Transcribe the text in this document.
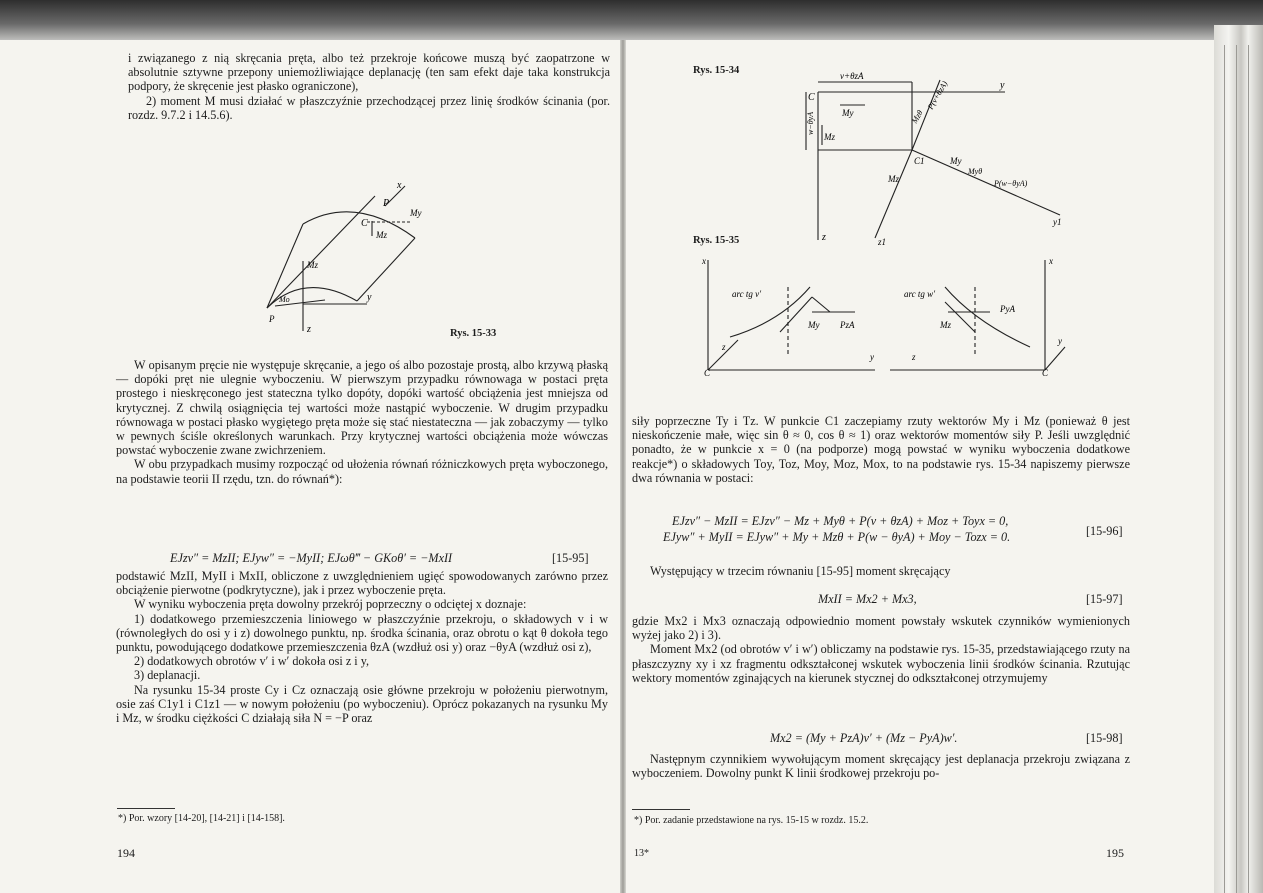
i związanego z nią skręcania pręta, albo też przekroje końcowe muszą być zaopatrzone w absolutnie sztywne przepony uniemożliwiające deplanację (ten sam efekt daje taka konstrukcja podpory, że skręcenie jest płasko ograniczone),

2) moment M musi działać w płaszczyźnie przechodzącej przez linię środków ścinania (por. rozdz. 9.7.2 i 14.5.6).

x
P
C
My
Mz
Mz
y
Mo
P
z	Rys. 15-33

W opisanym pręcie nie występuje skręcanie, a jego oś albo pozostaje prostą, albo krzywą płaską — dopóki pręt nie ulegnie wyboczeniu. W pierwszym przypadku równowaga w postaci pręta prostego i nieskręconego jest stateczna tylko dopóty, dopóki wartość obciążenia jest mniejsza od krytycznej. Z chwilą osiągnięcia tej wartości może nastąpić wyboczenie. W drugim przypadku równowaga w postaci płasko wygiętego pręta może się stać niestateczna — jak zobaczymy — tylko w pewnych ściśle określonych warunkach. Przy krytycznej wartości obciążenia może wówczas powstać wyboczenie zwane zwichrzeniem.

W obu przypadkach musimy rozpocząć od ułożenia równań różniczkowych pręta wyboczonego, na podstawie teorii II rzędu, tzn. do równań*):

EJzv″ = MzII; EJyw″ = −MyII; EJωθ‴ − GKοθ′ = −MxII	[15-95]

podstawić MzII, MyII i MxII, obliczone z uwzględnieniem ugięć spowodowanych zarówno przez obciążenie pierwotne (podkrytyczne), jak i przez wyboczenie pręta.

W wyniku wyboczenia pręta dowolny przekrój poprzeczny o odciętej x doznaje:

1) dodatkowego przemieszczenia liniowego w płaszczyźnie przekroju, o składowych v i w (równoległych do osi y i z) dowolnego punktu, np. środka ścinania, oraz obrotu o kąt θ dokoła tego punktu, powodującego dodatkowe przemieszczenia θzA (wzdłuż osi y) oraz −θyA (wzdłuż osi z),

2) dodatkowych obrotów v′ i w′ dokoła osi z i y,

3) deplanacji.

Na rysunku 15-34 proste Cy i Cz oznaczają osie główne przekroju w położeniu pierwotnym, osie zaś C1y1 i C1z1 — w nowym położeniu (po wyboczeniu). Oprócz pokazanych na rysunku My i Mz, w środku ciężkości C działają siła N = −P oraz

*) Por. wzory [14-20], [14-21] i [14-158].
194
Rys. 15-34	v+θzA
C
y
My
Mz
w−θyA
P(v+θzA)
Mzθ
C1	My
Myθ
P(w−θyA)
Mz
y1
z	z1
Rys. 15-35
x
arc tg v′
My PzA
z
C
y
x
arc tg w′
PyA
Mz
z
C
y

siły poprzeczne Ty i Tz. W punkcie C1 zaczepiamy rzuty wektorów My i Mz (ponieważ θ jest nieskończenie małe, więc sin θ ≈ 0, cos θ ≈ 1) oraz wektorów momentów siły P. Jeśli uwzględnić ponadto, że w punkcie x = 0 (na podporze) mogą powstać w wyniku wyboczenia dodatkowe reakcje*) o składowych Toy, Toz, Moy, Moz, Mox, to na podstawie rys. 15-34 napiszemy pierwsze dwa równania w postaci:

EJzv″ − MzII = EJzv″ − Mz + Myθ + P(v + θzA) + Moz + Toyx = 0,
EJyw″ + MyII = EJyw″ + My + Mzθ + P(w − θyA) + Moy − Tozx = 0.	[15-96]
Występujący w trzecim równaniu [15-95] moment skręcający
MxII = Mx2 + Mx3,	[15-97]

gdzie Mx2 i Mx3 oznaczają odpowiednio moment powstały wskutek czynników wymienionych wyżej jako 2) i 3).

Moment Mx2 (od obrotów v′ i w′) obliczamy na podstawie rys. 15-35, przedstawiającego rzuty na płaszczyzny xy i xz fragmentu odkształconej wskutek wyboczenia linii środków ścinania. Rzutując wektory momentów zginających na kierunek stycznej do odkształconej otrzymujemy

Mx2 = (My + PzA)v′ + (Mz − PyA)w′.	[15-98]
Następnym czynnikiem wywołującym moment skręcający jest deplanacja przekroju związana z wyboczeniem. Dowolny punkt K linii środkowej przekroju po-
*) Por. zadanie przedstawione na rys. 15-15 w rozdz. 15.2.
13*	195
